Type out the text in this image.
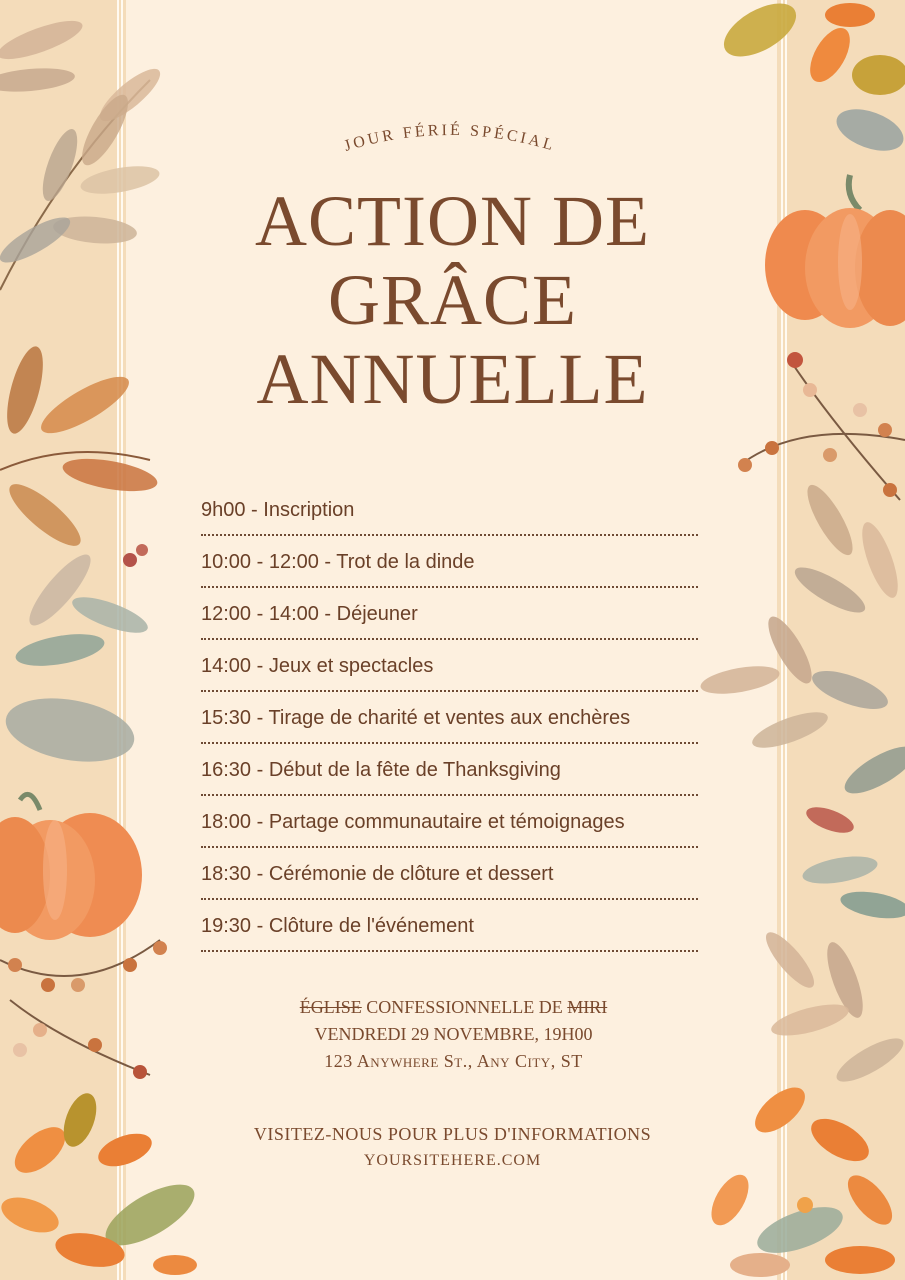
JOUR FÉRIÉ SPÉCIAL
ACTION DE
GRÂCE
ANNUELLE
9h00 - Inscription
10:00 - 12:00 - Trot de la dinde
12:00 - 14:00 - Déjeuner
14:00 - Jeux et spectacles
15:30 - Tirage de charité et ventes aux enchères
16:30 - Début de la fête de Thanksgiving
18:00 - Partage communautaire et témoignages
18:30 - Cérémonie de clôture et dessert
19:30 - Clôture de l'événement
ÉGLISE CONFESSIONNELLE DE MIRI
VENDREDI 29 NOVEMBRE, 19H00
123 Anywhere St., Any City, ST
VISITEZ-NOUS POUR PLUS D'INFORMATIONS
YOURSITEHERE.COM
